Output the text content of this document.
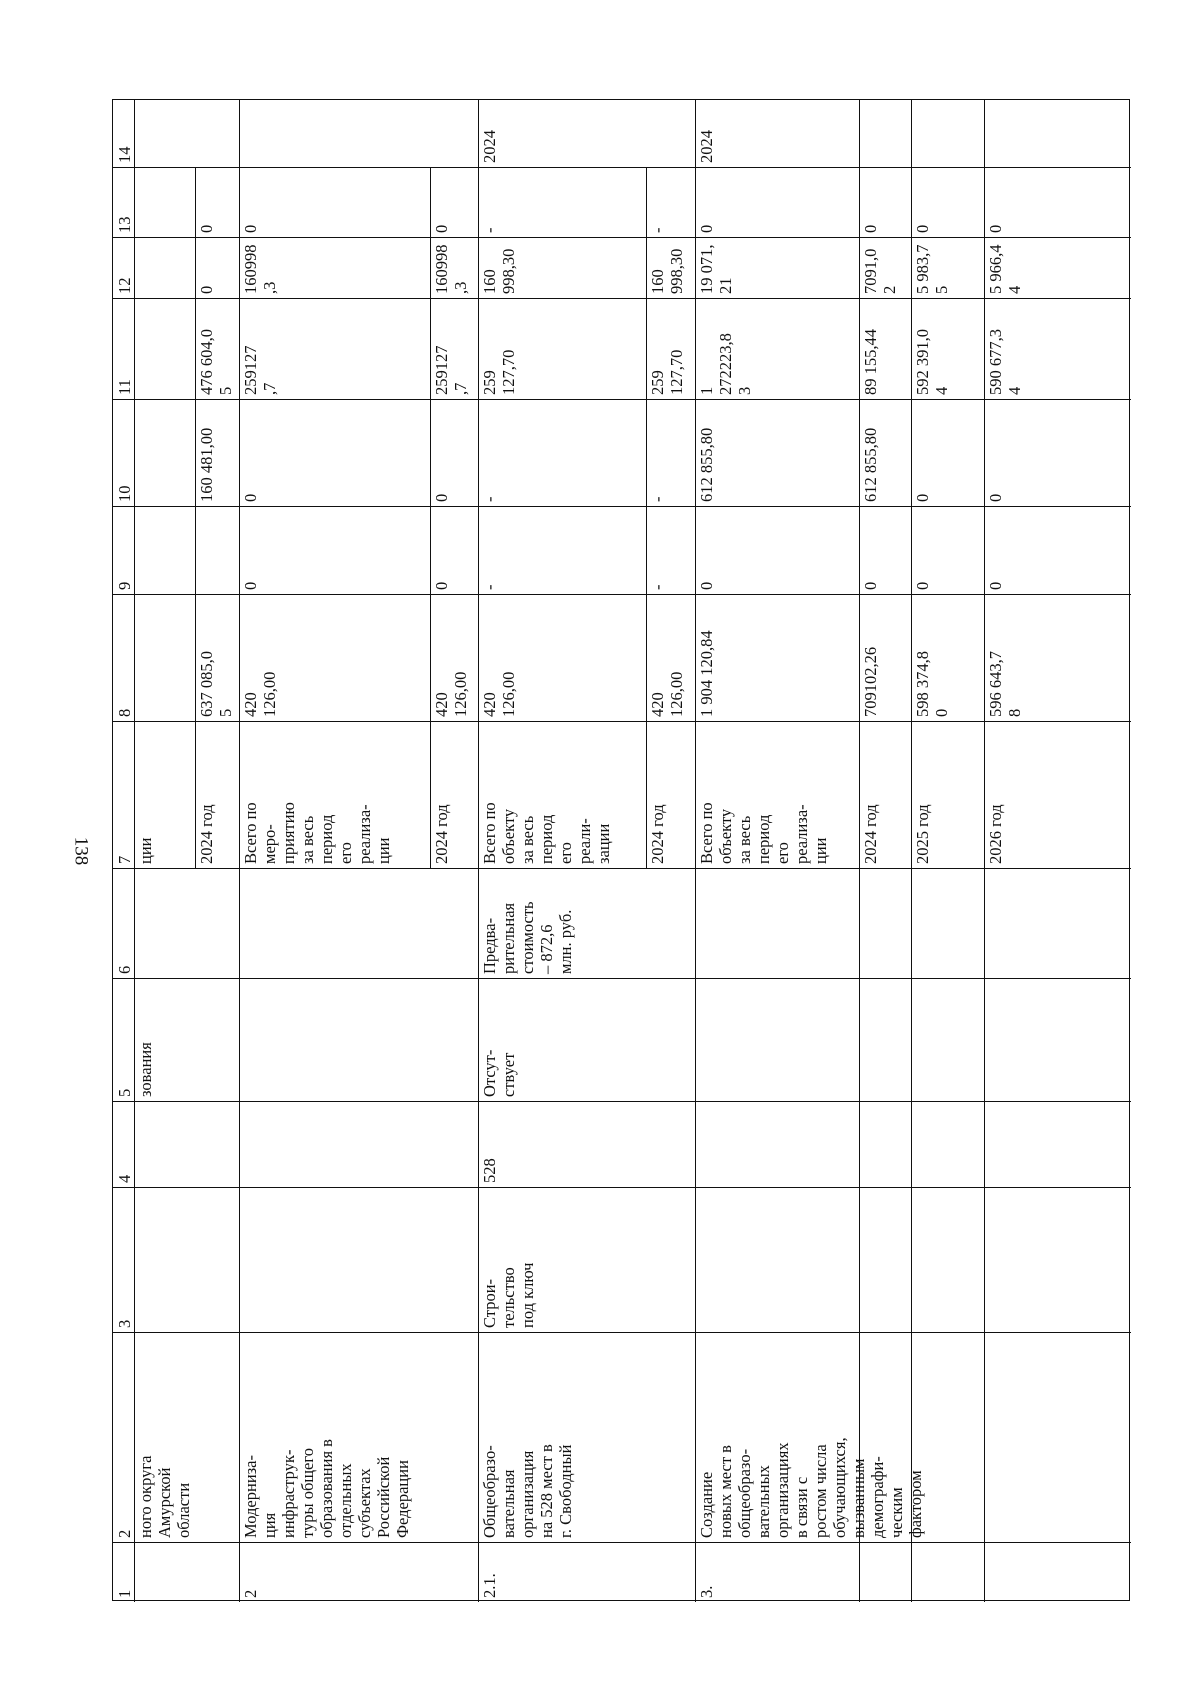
138
1
2
3
4
5
6
7
8
9
10
11
12
13
14
ного округа
Амурской
области
зования
ции	2024 год
637 085,0
5
160 481,00
476 604,0
5
0
0
2
Модерниза-
ция
инфраструк-
туры общего
образования в
отдельных
субъектах
Российской
Федерации
Всего по
меро-
приятию
за весь
период
его
реализа-
ции
420
126,00
0
0
259127
,7
160998
,3
0
2024 год
420
126,00
0
0
259127
,7
160998
,3
0
2.1.
Общеобразо-
вательная
организация
на 528 мест в
г. Свободный
Строи-
тельство
под ключ
528
Отсут-
ствует
Предва-
рительная
стоимость
– 872,6
млн. руб.
Всего по
объекту
за весь
период
его
реали-
зации
420
126,00
-
-
259
127,70
160
998,30
-
2024
2024 год
420
126,00
-
-
259
127,70
160
998,30
-
3.
Создание
новых мест в
общеобразо-
вательных
организациях
в связи с
ростом числа
обучающихся,
вызванным
демографи-
ческим
фактором
Всего по
объекту
за весь
период
его
реализа-
ции
1 904 120,84
0
612 855,80
1
272223,8
3
19 071,
21
0
2024
2024 год
709102,26
0
612 855,80
89 155,44
7091,0
2
0
2025 год
598 374,8
0
0
0
592 391,0
4
5 983,7
5
0
2026 год
596 643,7
8
0
0
590 677,3
4
5 966,4
4
0
